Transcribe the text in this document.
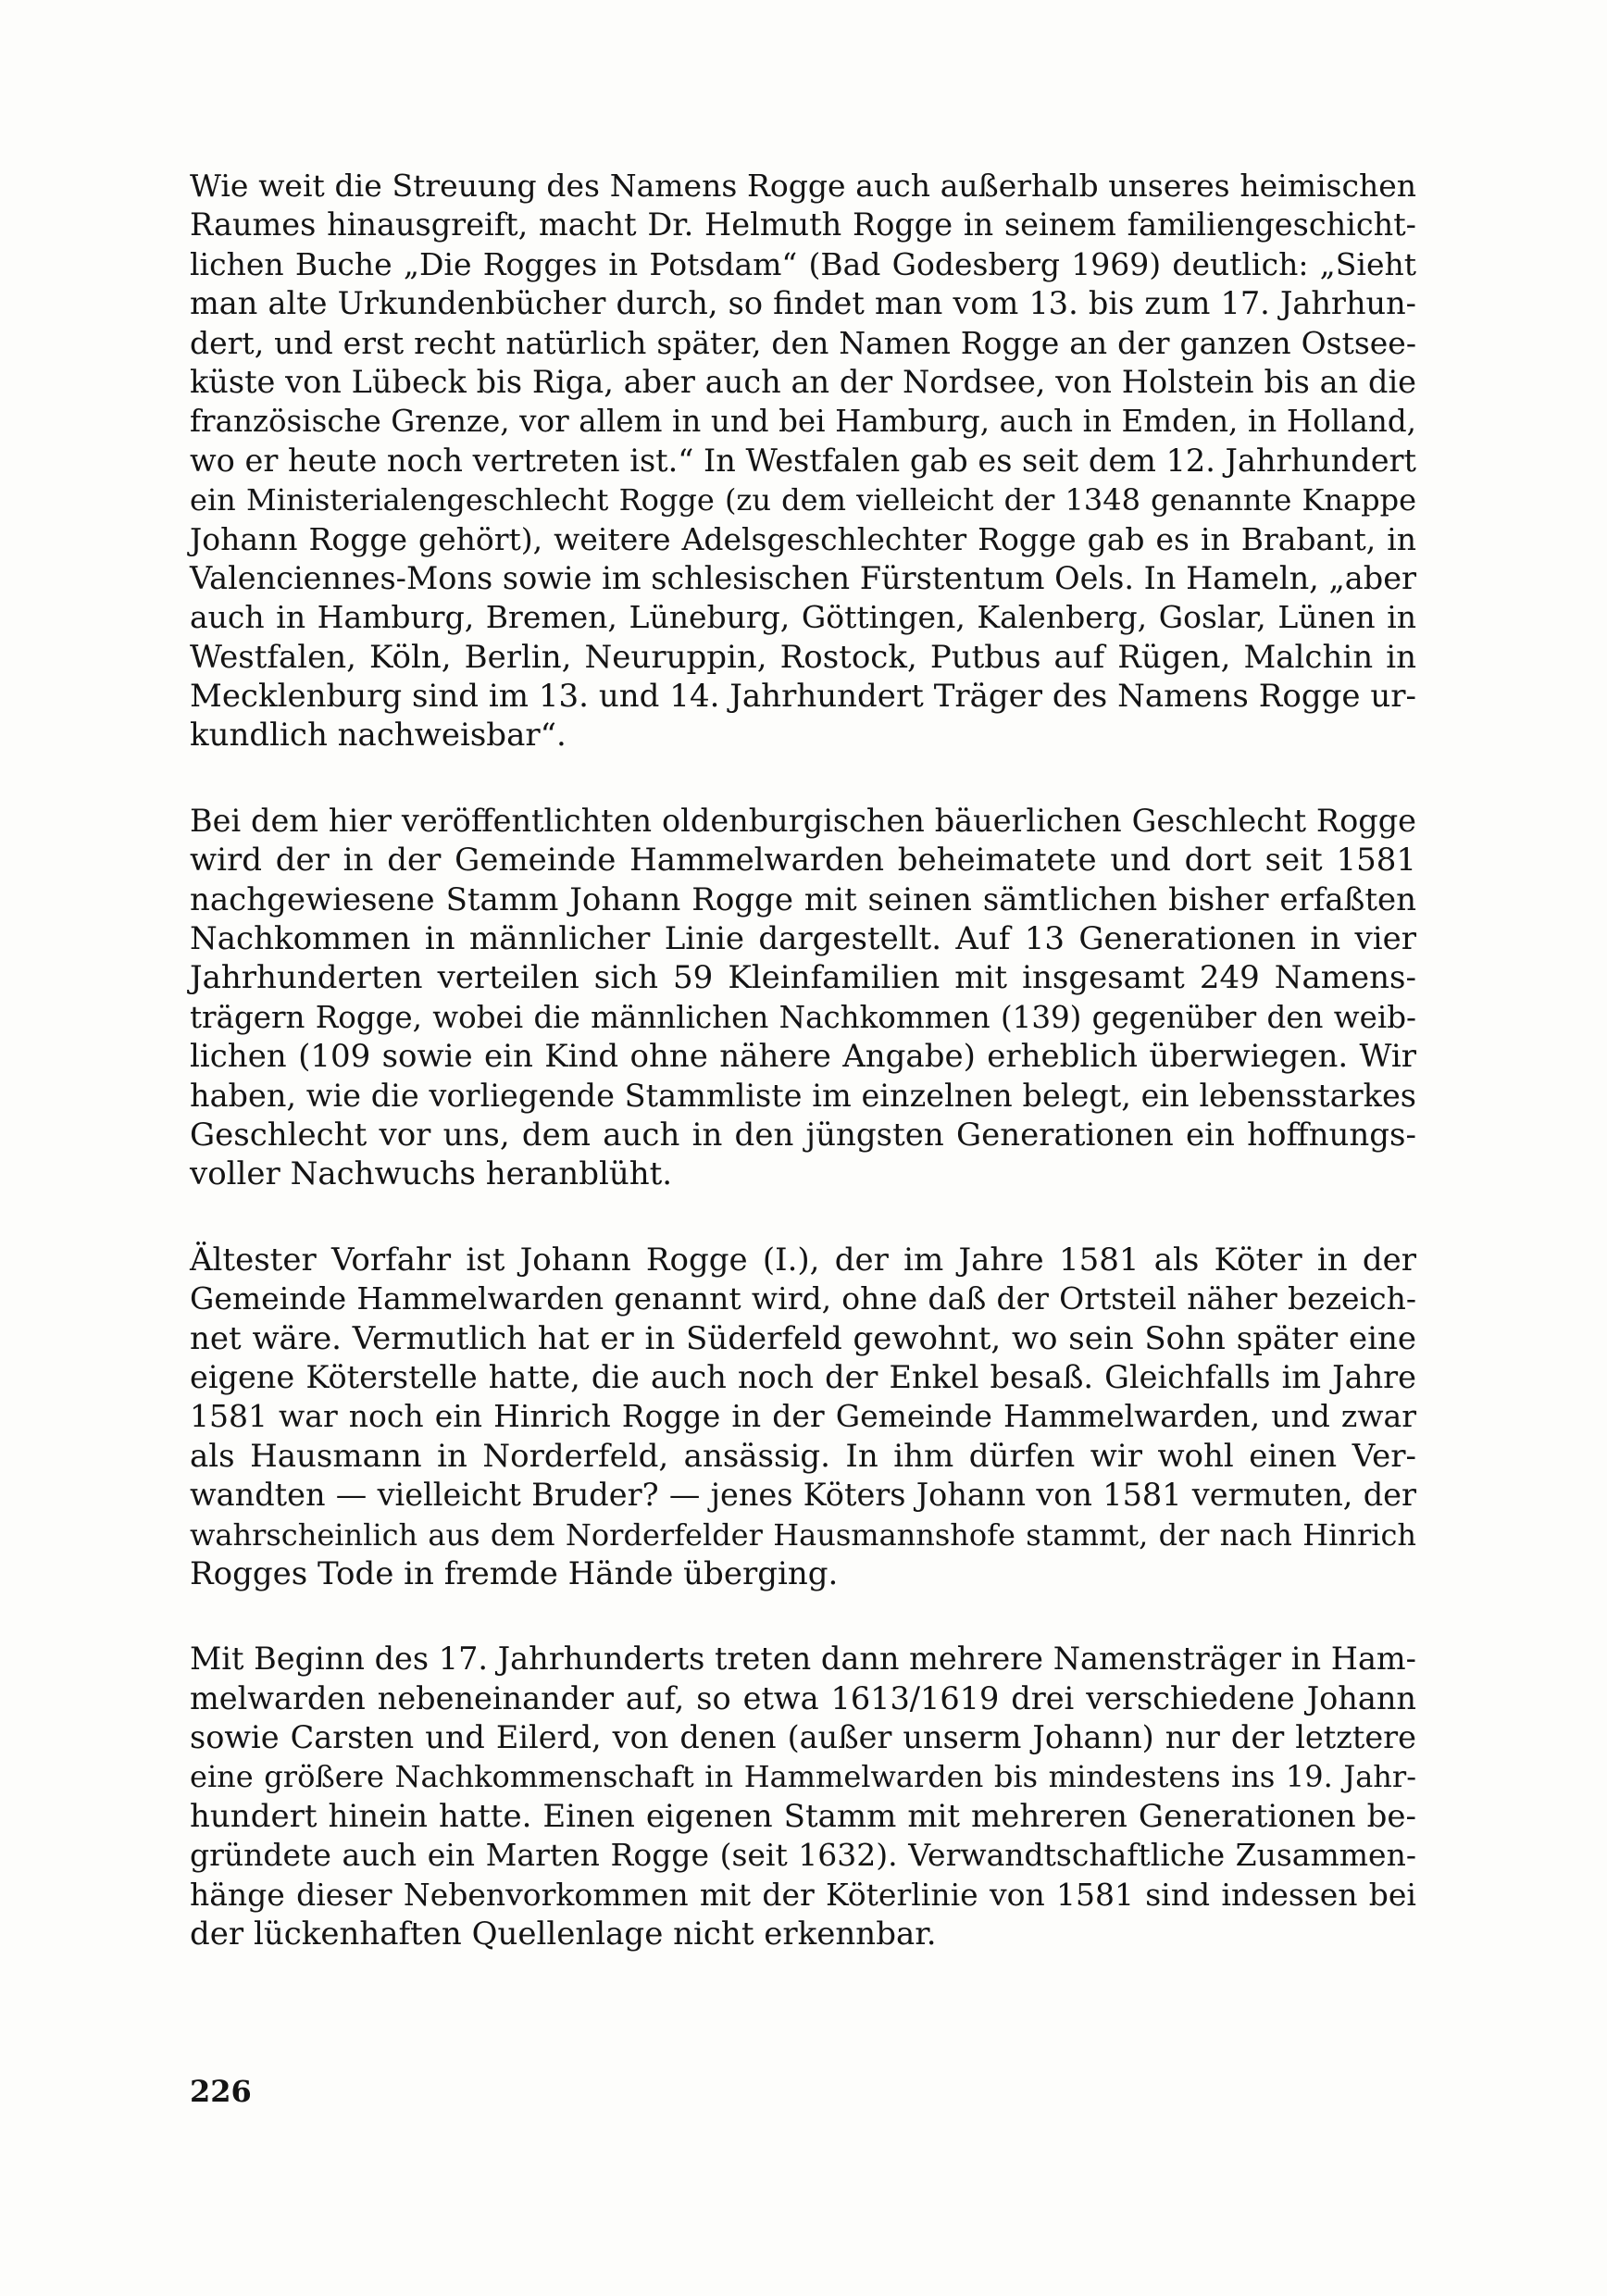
Wie weit die Streuung des Namens Rogge auch außerhalb unseres heimischen
Raumes hinausgreift, macht Dr. Helmuth Rogge in seinem familiengeschicht-
lichen Buche „Die Rogges in Potsdam“ (Bad Godesberg 1969) deutlich: „Sieht
man alte Urkundenbücher durch, so findet man vom 13. bis zum 17. Jahrhun-
dert, und erst recht natürlich später, den Namen Rogge an der ganzen Ostsee-
küste von Lübeck bis Riga, aber auch an der Nordsee, von Holstein bis an die
französische Grenze, vor allem in und bei Hamburg, auch in Emden, in Holland,
wo er heute noch vertreten ist.“ In Westfalen gab es seit dem 12. Jahrhundert
ein Ministerialengeschlecht Rogge (zu dem vielleicht der 1348 genannte Knappe
Johann Rogge gehört), weitere Adelsgeschlechter Rogge gab es in Brabant, in
Valenciennes-Mons sowie im schlesischen Fürstentum Oels. In Hameln, „aber
auch in Hamburg, Bremen, Lüneburg, Göttingen, Kalenberg, Goslar, Lünen in
Westfalen, Köln, Berlin, Neuruppin, Rostock, Putbus auf Rügen, Malchin in
Mecklenburg sind im 13. und 14. Jahrhundert Träger des Namens Rogge ur-
kundlich nachweisbar“.
Bei dem hier veröffentlichten oldenburgischen bäuerlichen Geschlecht Rogge
wird der in der Gemeinde Hammelwarden beheimatete und dort seit 1581
nachgewiesene Stamm Johann Rogge mit seinen sämtlichen bisher erfaßten
Nachkommen in männlicher Linie dargestellt. Auf 13 Generationen in vier
Jahrhunderten verteilen sich 59 Kleinfamilien mit insgesamt 249 Namens-
trägern Rogge, wobei die männlichen Nachkommen (139) gegenüber den weib-
lichen (109 sowie ein Kind ohne nähere Angabe) erheblich überwiegen. Wir
haben, wie die vorliegende Stammliste im einzelnen belegt, ein lebensstarkes
Geschlecht vor uns, dem auch in den jüngsten Generationen ein hoffnungs-
voller Nachwuchs heranblüht.
Ältester Vorfahr ist Johann Rogge (I.), der im Jahre 1581 als Köter in der
Gemeinde Hammelwarden genannt wird, ohne daß der Ortsteil näher bezeich-
net wäre. Vermutlich hat er in Süderfeld gewohnt, wo sein Sohn später eine
eigene Köterstelle hatte, die auch noch der Enkel besaß. Gleichfalls im Jahre
1581 war noch ein Hinrich Rogge in der Gemeinde Hammelwarden, und zwar
als Hausmann in Norderfeld, ansässig. In ihm dürfen wir wohl einen Ver-
wandten — vielleicht Bruder? — jenes Köters Johann von 1581 vermuten, der
wahrscheinlich aus dem Norderfelder Hausmannshofe stammt, der nach Hinrich
Rogges Tode in fremde Hände überging.
Mit Beginn des 17. Jahrhunderts treten dann mehrere Namensträger in Ham-
melwarden nebeneinander auf, so etwa 1613/1619 drei verschiedene Johann
sowie Carsten und Eilerd, von denen (außer unserm Johann) nur der letztere
eine größere Nachkommenschaft in Hammelwarden bis mindestens ins 19. Jahr-
hundert hinein hatte. Einen eigenen Stamm mit mehreren Generationen be-
gründete auch ein Marten Rogge (seit 1632). Verwandtschaftliche Zusammen-
hänge dieser Nebenvorkommen mit der Köterlinie von 1581 sind indessen bei
der lückenhaften Quellenlage nicht erkennbar.
226
